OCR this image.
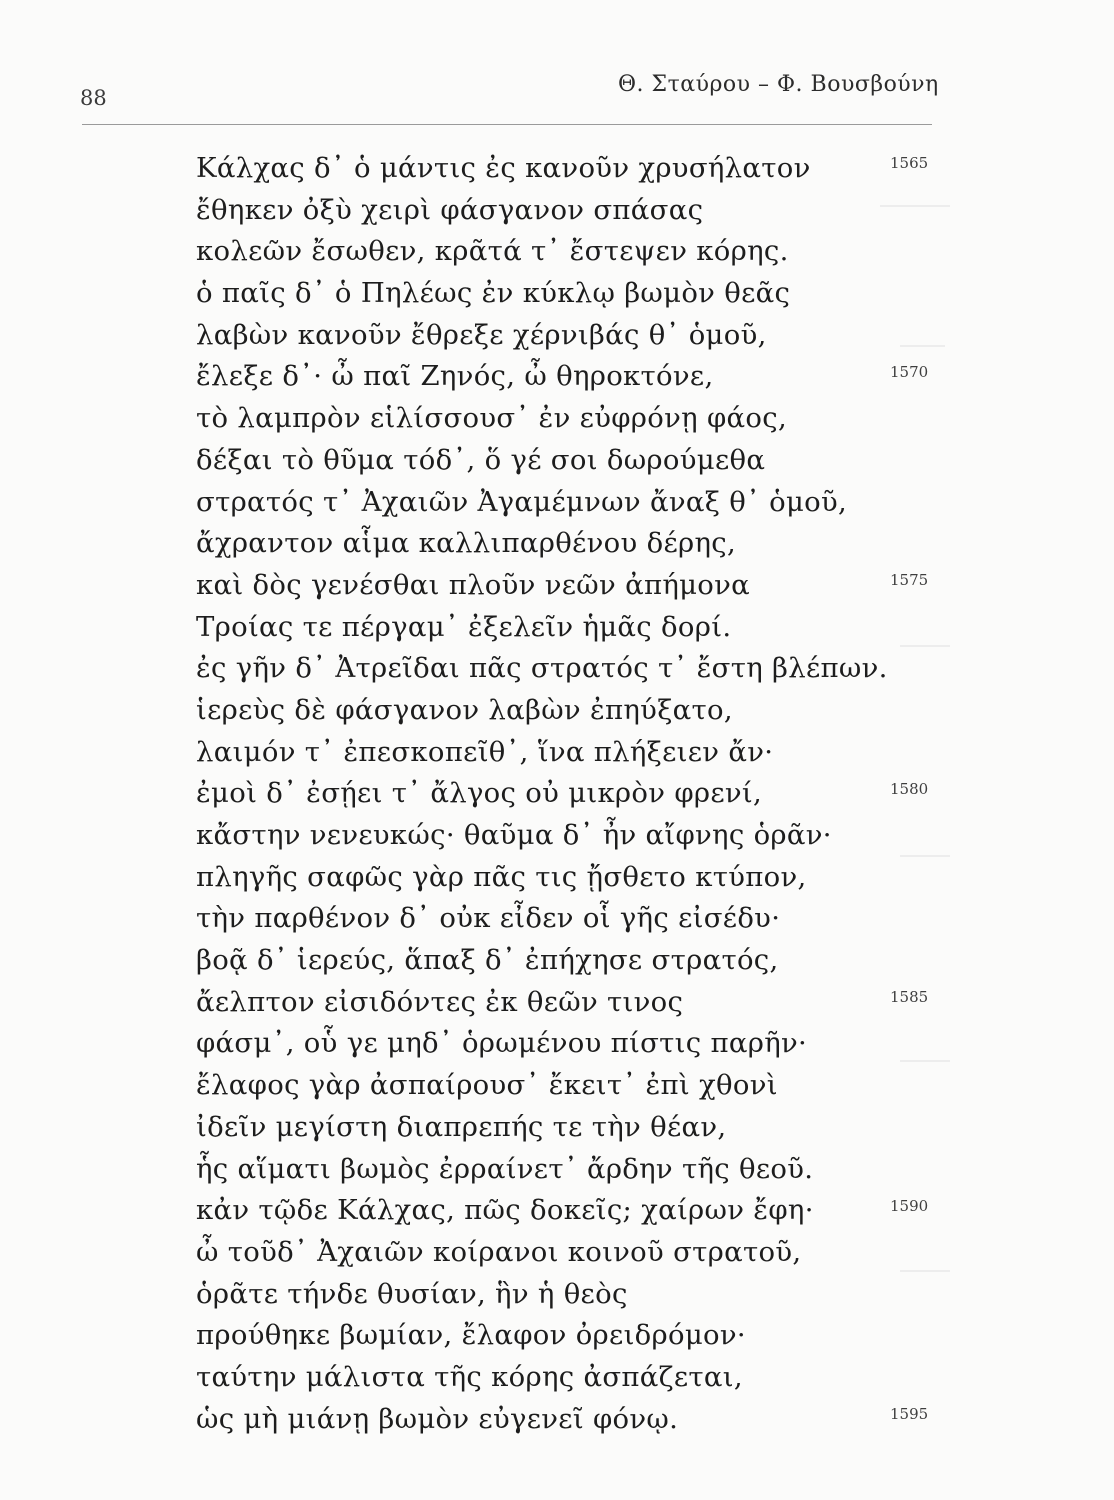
88
Θ. Σταύρου – Φ. Βουσβούνη
Κάλχας δ᾽ ὁ μάντις ἐς κανοῦν χρυσήλατον
ἔθηκεν ὀξὺ χειρὶ φάσγανον σπάσας
κολεῶν ἔσωθεν, κρᾶτά τ᾽ ἔστεψεν κόρης.
ὁ παῖς δ᾽ ὁ Πηλέως ἐν κύκλῳ βωμὸν θεᾶς
λαβὼν κανοῦν ἔθρεξε χέρνιβάς θ᾽ ὁμοῦ,
ἔλεξε δ᾽· ὦ παῖ Ζηνός, ὦ θηροκτόνε,
τὸ λαμπρὸν εἱλίσσουσ᾽ ἐν εὐφρόνῃ φάος,
δέξαι τὸ θῦμα τόδ᾽, ὅ γέ σοι δωρούμεθα
στρατός τ᾽ Ἀχαιῶν Ἀγαμέμνων ἄναξ θ᾽ ὁμοῦ,
ἄχραντον αἷμα καλλιπαρθένου δέρης,
καὶ δὸς γενέσθαι πλοῦν νεῶν ἀπήμονα
Τροίας τε πέργαμ᾽ ἐξελεῖν ἡμᾶς δορί.
ἐς γῆν δ᾽ Ἀτρεῖδαι πᾶς στρατός τ᾽ ἔστη βλέπων.
ἱερεὺς δὲ φάσγανον λαβὼν ἐπηύξατο,
λαιμόν τ᾽ ἐπεσκοπεῖθ᾽, ἵνα πλήξειεν ἄν·
ἐμοὶ δ᾽ ἐσῄει τ᾽ ἄλγος οὐ μικρὸν φρενί,
κἄστην νενευκώς· θαῦμα δ᾽ ἦν αἴφνης ὁρᾶν·
πληγῆς σαφῶς γὰρ πᾶς τις ᾔσθετο κτύπον,
τὴν παρθένον δ᾽ οὐκ εἶδεν οἷ γῆς εἰσέδυ·
βοᾷ δ᾽ ἱερεύς, ἅπαξ δ᾽ ἐπήχησε στρατός,
ἄελπτον εἰσιδόντες ἐκ θεῶν τινος
φάσμ᾽, οὗ γε μηδ᾽ ὁρωμένου πίστις παρῆν·
ἔλαφος γὰρ ἀσπαίρουσ᾽ ἔκειτ᾽ ἐπὶ χθονὶ
ἰδεῖν μεγίστη διαπρεπής τε τὴν θέαν,
ἧς αἵματι βωμὸς ἐρραίνετ᾽ ἄρδην τῆς θεοῦ.
κἀν τῷδε Κάλχας, πῶς δοκεῖς; χαίρων ἔφη·
ὦ τοῦδ᾽ Ἀχαιῶν κοίρανοι κοινοῦ στρατοῦ,
ὁρᾶτε τήνδε θυσίαν, ἣν ἡ θεὸς
προύθηκε βωμίαν, ἔλαφον ὀρειδρόμον·
ταύτην μάλιστα τῆς κόρης ἀσπάζεται,
ὡς μὴ μιάνῃ βωμὸν εὐγενεῖ φόνῳ.
1565
1570
1575
1580
1585
1590
1595
